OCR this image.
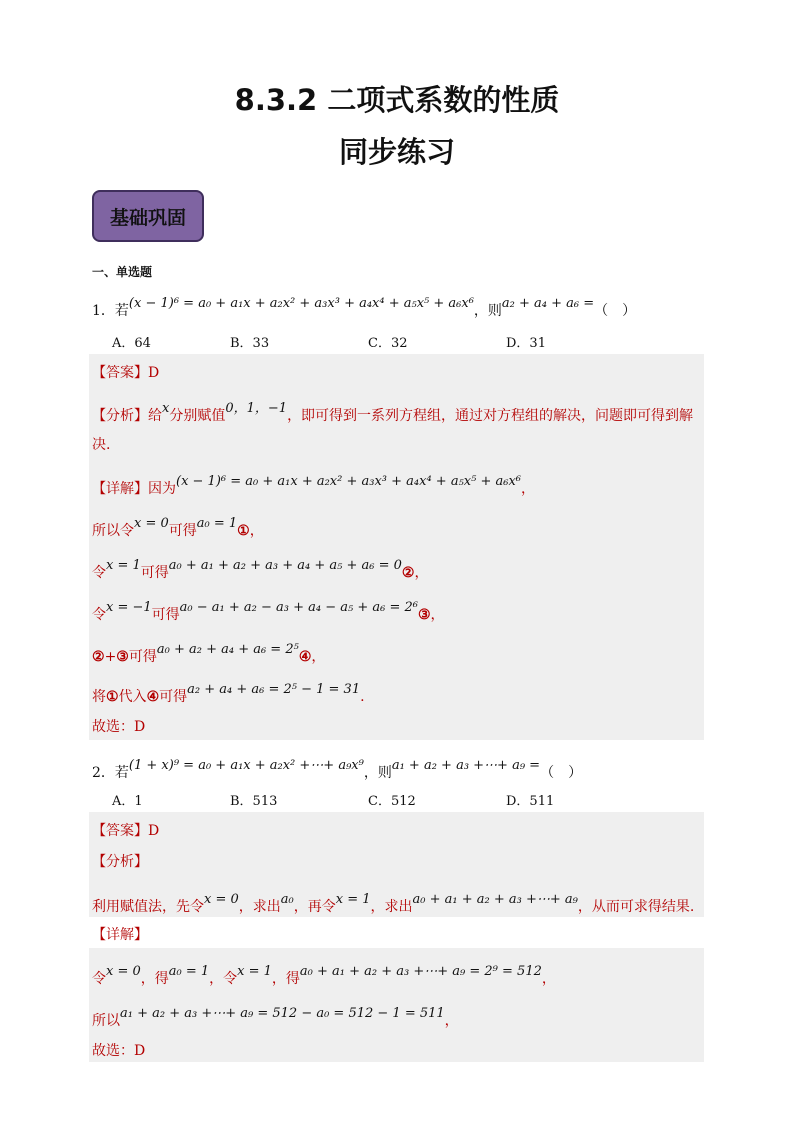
8.3.2 二项式系数的性质
同步练习
基础巩固
一、单选题
1．若(x − 1)⁶ = a₀ + a₁x + a₂x² + a₃x³ + a₄x⁴ + a₅x⁵ + a₆x⁶，则a₂ + a₄ + a₆ =（　）
A．64	B．33	C．32	D．31
【答案】D
【分析】给x分别赋值0，1，−1，即可得到一系列方程组，通过对方程组的解决，问题即可得到解
决.
【详解】因为(x − 1)⁶ = a₀ + a₁x + a₂x² + a₃x³ + a₄x⁴ + a₅x⁵ + a₆x⁶，
所以令x = 0可得a₀ = 1①，
令x = 1可得a₀ + a₁ + a₂ + a₃ + a₄ + a₅ + a₆ = 0②，
令x = −1可得a₀ − a₁ + a₂ − a₃ + a₄ − a₅ + a₆ = 2⁶③，
②+③可得a₀ + a₂ + a₄ + a₆ = 2⁵④，
将①代入④可得a₂ + a₄ + a₆ = 2⁵ − 1 = 31.
故选：D
2．若(1 + x)⁹ = a₀ + a₁x + a₂x² +⋯+ a₉x⁹，则a₁ + a₂ + a₃ +⋯+ a₉ =（　）
A．1	B．513	C．512	D．511
【答案】D
【分析】
利用赋值法，先令x = 0，求出a₀，再令x = 1，求出a₀ + a₁ + a₂ + a₃ +⋯+ a₉，从而可求得结果.
【详解】
令x = 0，得a₀ = 1，令x = 1，得a₀ + a₁ + a₂ + a₃ +⋯+ a₉ = 2⁹ = 512，
所以a₁ + a₂ + a₃ +⋯+ a₉ = 512 − a₀ = 512 − 1 = 511，
故选：D
